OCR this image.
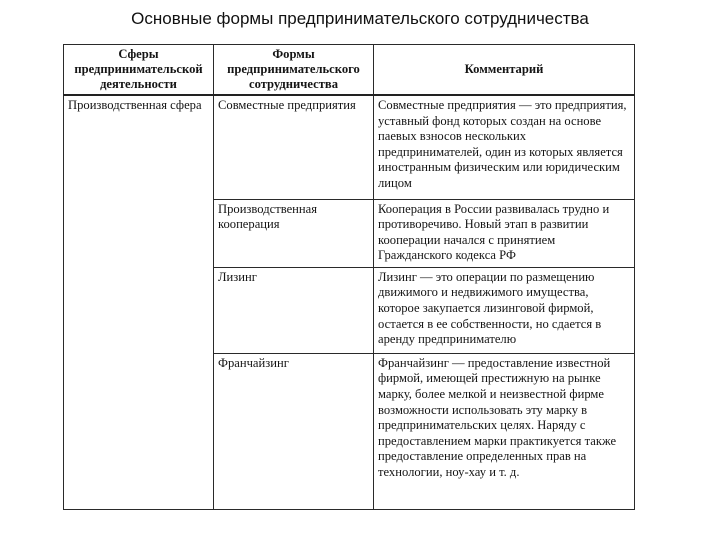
Основные формы предпринимательского сотрудничества
Сферы предпринимательской деятельности	Формы предпринимательского сотрудничества	Комментарий
Производственная сфера	Совместные предприятия	Совместные предприятия — это предприятия, уставный фонд которых создан на основе паевых взносов нескольких предпринимателей, один из которых является иностранным физическим или юридическим лицом
	Производственная кооперация	Кооперация в России развивалась трудно и противоречиво. Новый этап в развитии кооперации начался с принятием Гражданского кодекса РФ
	Лизинг	Лизинг — это операции по размещению движимого и недвижимого имущества, которое закупается лизинговой фирмой, остается в ее собственности, но сдается в аренду предпринимателю
	Франчайзинг	Франчайзинг — предоставление известной фирмой, имеющей престижную на рынке марку, более мелкой и неизвестной фирме возможности использовать эту марку в предпринимательских целях. Наряду с предоставлением марки практикуется также предоставление определенных прав на технологии, ноу-хау и т. д.
